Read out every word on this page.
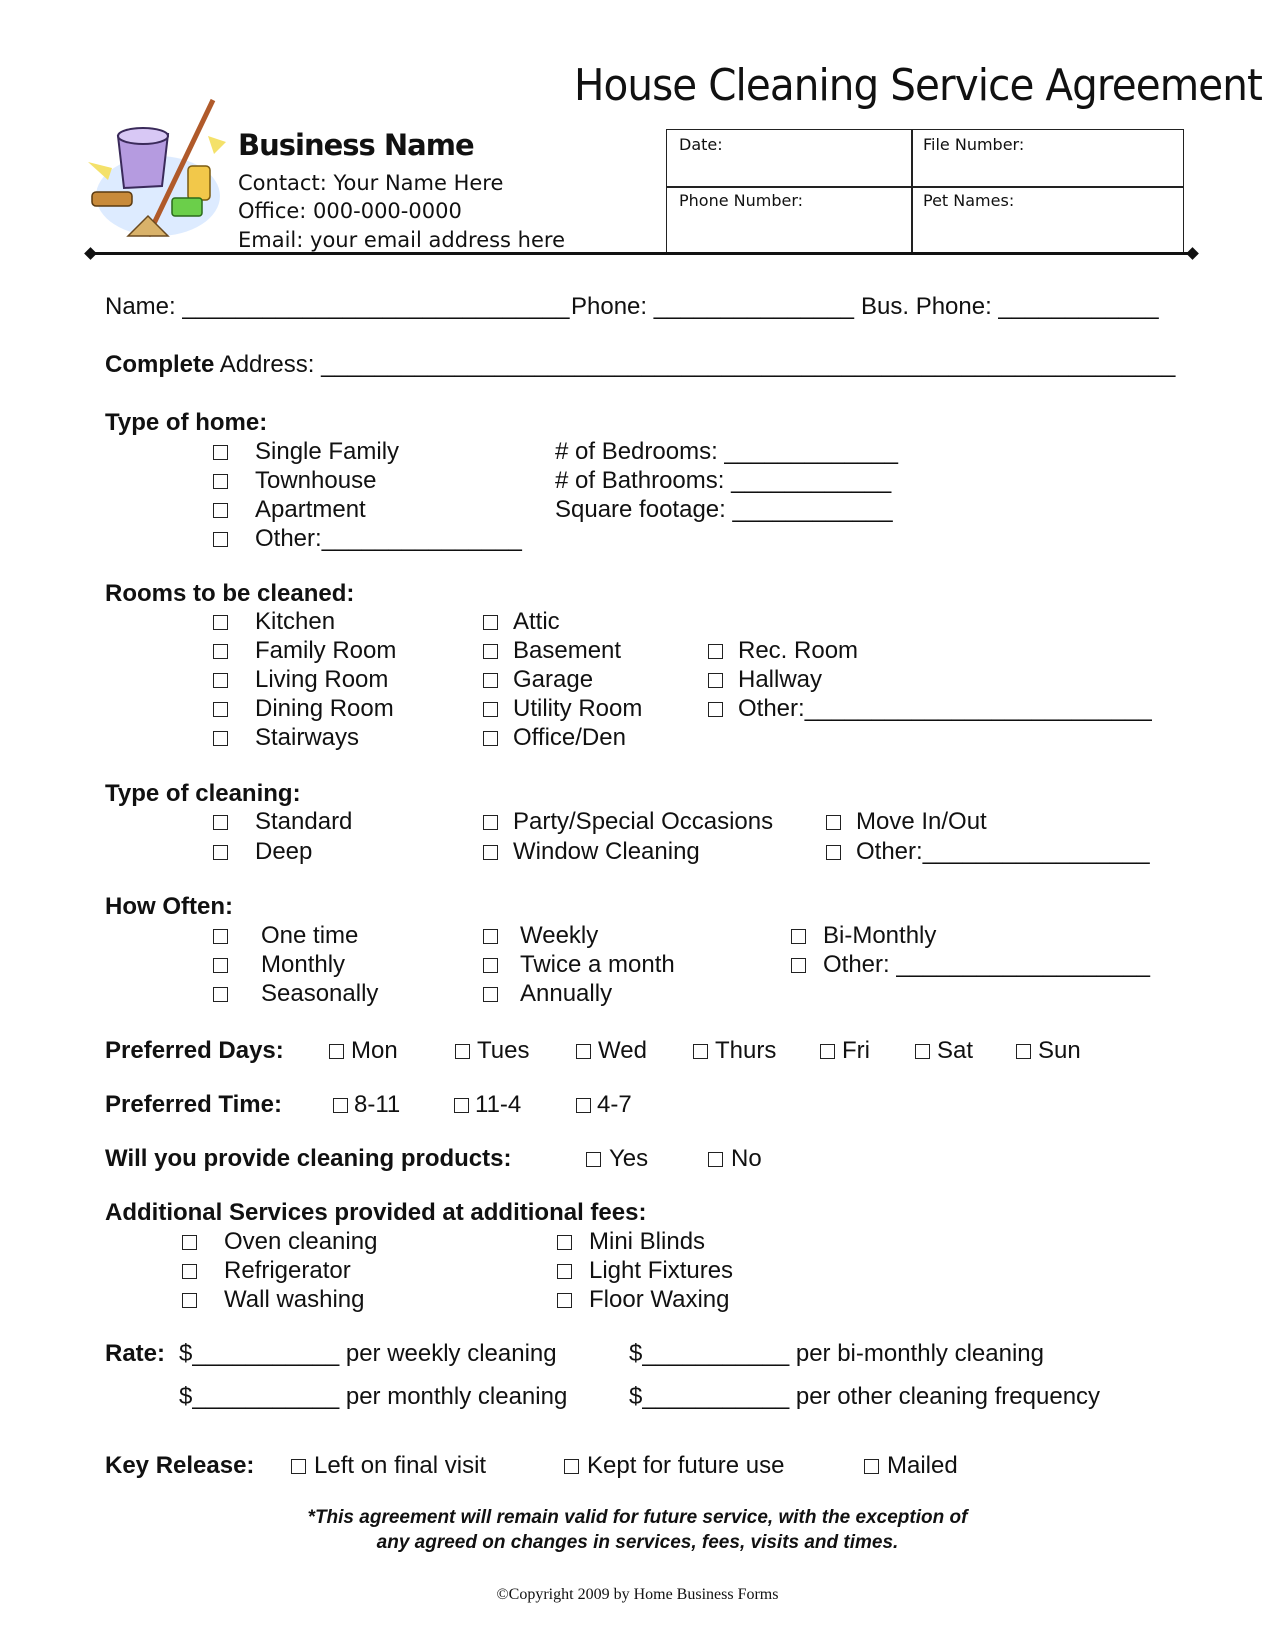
House Cleaning Service Agreement
Business Name
Contact: Your Name Here
Office: 000-000-0000
Email: your email address here
Date:	File Number:
Phone Number:	Pet Names:
Name: _____________________________ Phone: _______________ Bus. Phone: ____________
Complete Address: ________________________________________________________________
Type of home:
Single Family
Townhouse
Apartment
Other:_______________
# of Bedrooms: _____________
# of Bathrooms: ____________
Square footage: ____________
Rooms to be cleaned:
Kitchen
Family Room
Living Room
Dining Room
Stairways
Attic
Basement
Garage
Utility Room
Office/Den
Rec. Room
Hallway
Other:__________________________
Type of cleaning:
Standard
Deep
Party/Special Occasions
Window Cleaning
Move In/Out
Other:_________________
How Often:
One time
Monthly
Seasonally
Weekly
Twice a month
Annually
Bi-Monthly
Other: ___________________
Preferred Days:	Mon	Tues	Wed	Thurs	Fri	Sat	Sun
Preferred Time:	8-11	11-4	4-7
Will you provide cleaning products:	Yes	No
Additional Services provided at additional fees:
Oven cleaning
Refrigerator
Wall washing
Mini Blinds
Light Fixtures
Floor Waxing
Rate: $___________ per weekly cleaning	$___________ per bi-monthly cleaning
$___________ per monthly cleaning	$___________ per other cleaning frequency
Key Release:	Left on final visit	Kept for future use	Mailed
*This agreement will remain valid for future service, with the exception of
any agreed on changes in services, fees, visits and times.
©Copyright 2009 by Home Business Forms
